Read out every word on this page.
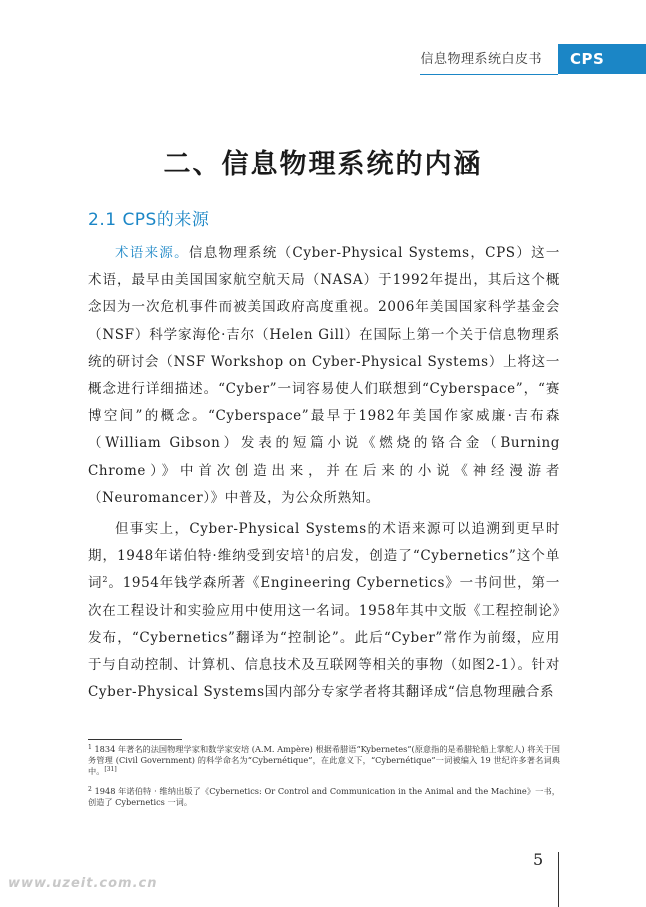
信息物理系统白皮书	CPS
二、信息物理系统的内涵
2.1 CPS的来源

术语来源。信息物理系统（Cyber-Physical Systems，CPS）这一术语，最早由美国国家航空航天局（NASA）于1992年提出，其后这个概念因为一次危机事件而被美国政府高度重视。2006年美国国家科学基金会（NSF）科学家海伦·吉尔（Helen Gill）在国际上第一个关于信息物理系统的研讨会（NSF Workshop on Cyber-Physical Systems）上将这一概念进行详细描述。“Cyber”一词容易使人们联想到“Cyberspace”，“赛博空间”的概念。“Cyberspace”最早于1982年美国作家威廉·吉布森（William Gibson）发表的短篇小说《燃烧的铬合金（Burning Chrome）》中首次创造出来，并在后来的小说《神经漫游者（Neuromancer）》中普及，为公众所熟知。

但事实上，Cyber-Physical Systems的术语来源可以追溯到更早时期，1948年诺伯特·维纳受到安培$^1$的启发，创造了“Cybernetics”这个单词$^2$。1954年钱学森所著《Engineering Cybernetics》一书问世，第一次在工程设计和实验应用中使用这一名词。1958年其中文版《工程控制论》发布，“Cybernetics”翻译为“控制论”。此后“Cyber”常作为前缀，应用于与自动控制、计算机、信息技术及互联网等相关的事物（如图2-1）。针对Cyber-Physical Systems国内部分专家学者将其翻译成“信息物理融合系

$^1$ 1834 年著名的法国物理学家和数学家安培 (A.M. Ampère) 根据希腊语“Kybernetes”(原意指的是希腊轮船上掌舵人) 将关于国务管理 (Civil Government) 的科学命名为“Cybernétique”，在此意义下，“Cybernétique”一词被编入 19 世纪许多著名词典中。[31]

$^2$ 1948 年诺伯特 · 维纳出版了《Cybernetics: Or Control and Communication in the Animal and the Machine》一书，创造了 Cybernetics 一词。

5
www.uzeit.com.cn
